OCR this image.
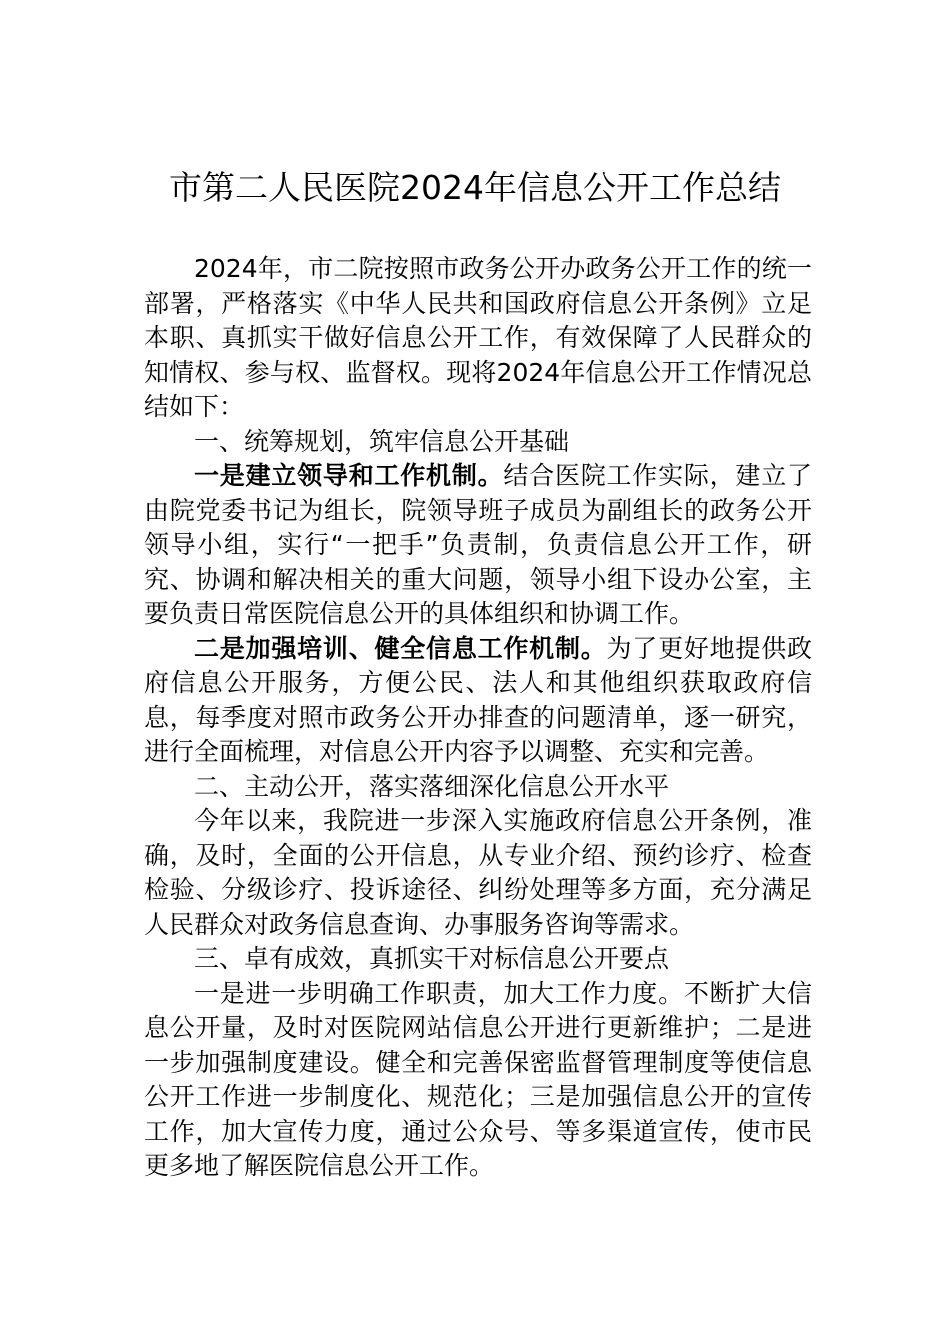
市第二人民医院2024年信息公开工作总结

2024年，市二院按照市政务公开办政务公开工作的统一部署，严格落实《中华人民共和国政府信息公开条例》立足本职、真抓实干做好信息公开工作，有效保障了人民群众的知情权、参与权、监督权。现将2024年信息公开工作情况总结如下：

一、统筹规划，筑牢信息公开基础

一是建立领导和工作机制。结合医院工作实际，建立了由院党委书记为组长，院领导班子成员为副组长的政务公开领导小组，实行“一把手”负责制，负责信息公开工作，研究、协调和解决相关的重大问题，领导小组下设办公室，主要负责日常医院信息公开的具体组织和协调工作。

二是加强培训、健全信息工作机制。为了更好地提供政府信息公开服务，方便公民、法人和其他组织获取政府信息，每季度对照市政务公开办排查的问题清单，逐一研究，进行全面梳理，对信息公开内容予以调整、充实和完善。

二、主动公开，落实落细深化信息公开水平

今年以来，我院进一步深入实施政府信息公开条例，准确，及时，全面的公开信息，从专业介绍、预约诊疗、检查检验、分级诊疗、投诉途径、纠纷处理等多方面，充分满足人民群众对政务信息查询、办事服务咨询等需求。

三、卓有成效，真抓实干对标信息公开要点

一是进一步明确工作职责，加大工作力度。不断扩大信息公开量，及时对医院网站信息公开进行更新维护；二是进一步加强制度建设。健全和完善保密监督管理制度等使信息公开工作进一步制度化、规范化；三是加强信息公开的宣传工作，加大宣传力度，通过公众号、等多渠道宣传，使市民更多地了解医院信息公开工作。
